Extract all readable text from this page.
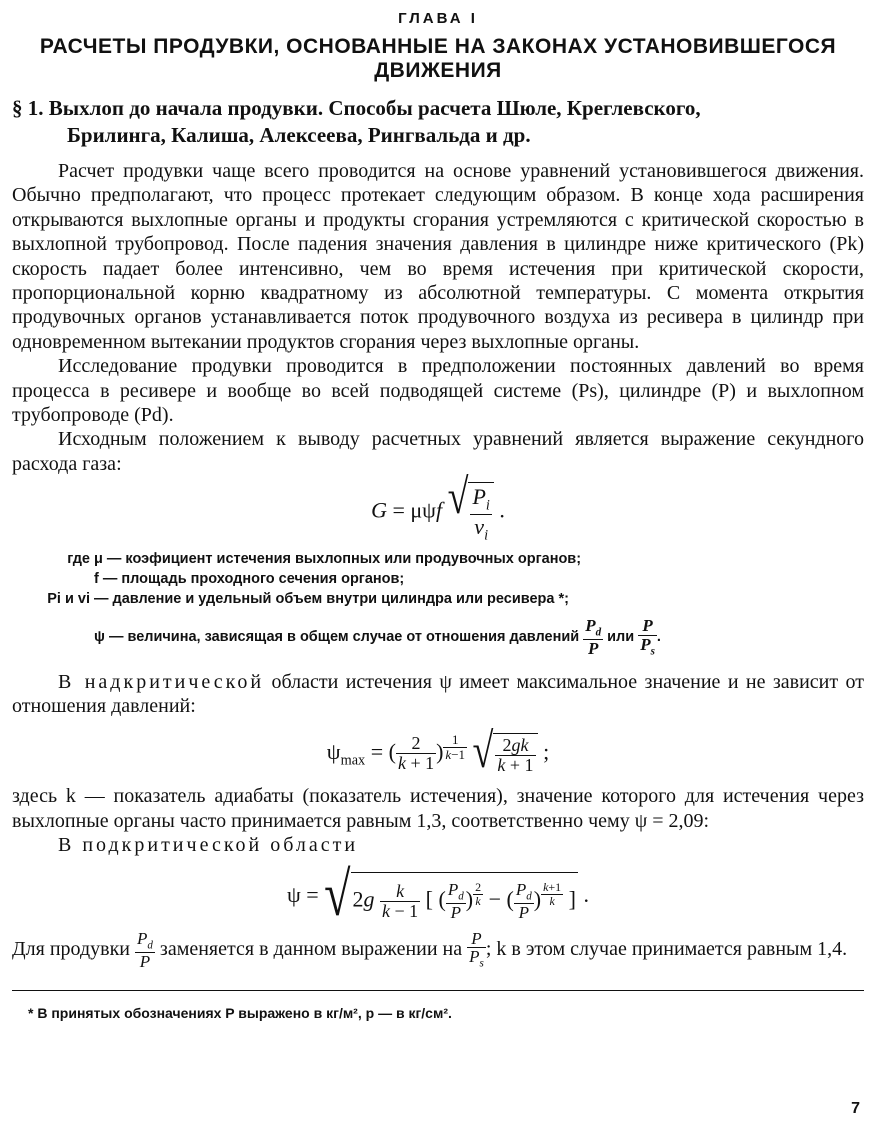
ГЛАВА I
РАСЧЕТЫ ПРОДУВКИ, ОСНОВАННЫЕ НА ЗАКОНАХ УСТАНОВИВШЕГОСЯ ДВИЖЕНИЯ
§ 1. Выхлоп до начала продувки. Способы расчета Шюле, Креглевского,
Брилинга, Калиша, Алексеева, Рингвальда и др.

Расчет продувки чаще всего проводится на основе уравнений установившегося движения. Обычно предполагают, что процесс протекает следующим образом. В конце хода расширения открываются выхлопные органы и продукты сгорания устремляются с критической скоростью в выхлопной трубопровод. После падения значения давления в цилиндре ниже критического (Pk) скорость падает более интенсивно, чем во время истечения при критической скорости, пропорциональной корню квадратному из абсолютной температуры. С момента открытия продувочных органов устанавливается поток продувочного воздуха из ресивера в цилиндр при одновременном вытекании продуктов сгорания через выхлопные органы.

Исследование продувки проводится в предположении постоянных давлений во время процесса в ресивере и вообще во всей подводящей системе (Ps), цилиндре (P) и выхлопном трубопроводе (Pd).

Исходным положением к выводу расчетных уравнений является выражение секундного расхода газа:

G = μψf √ $\frac{P_i}{v_i}$ .
где μ — коэфициент истечения выхлопных или продувочных органов;
f — площадь проходного сечения органов;
Pi и vi — давление и удельный объем внутри цилиндра или ресивера *;
ψ — величина, зависящая в общем случае от отношения давлений $\frac{P_d}{P}$ или $\frac{P}{P_s}$ .

В надкритической области истечения ψ имеет максимальное значение и не зависит от отношения давлений:

$\psi_{max}$ = ( $\frac{2}{k + 1}$ ) $^{\frac{1}{k-1}}$
√ $\frac{2gk}{k + 1}$ ;

здесь k — показатель адиабаты (показатель истечения), значение которого для истечения через выхлопные органы часто принимается равным 1,3, соответственно чему ψ = 2,09:

В подкритической области

ψ = √ $2g \frac{k}{k - 1}$ [ ( $\frac{P_d}{P}$ ) $^{\frac{2}{k}}$ − ( $\frac{P_d}{P}$ ) $^{\frac{k+1}{k}}$ ] .

Для продувки $\frac{P_d}{P}$ заменяется в данном выражении на $\frac{P}{P_s}$ ; k в этом случае принимается равным 1,4.

* В принятых обозначениях P выражено в кг/м², p — в кг/см².
7
